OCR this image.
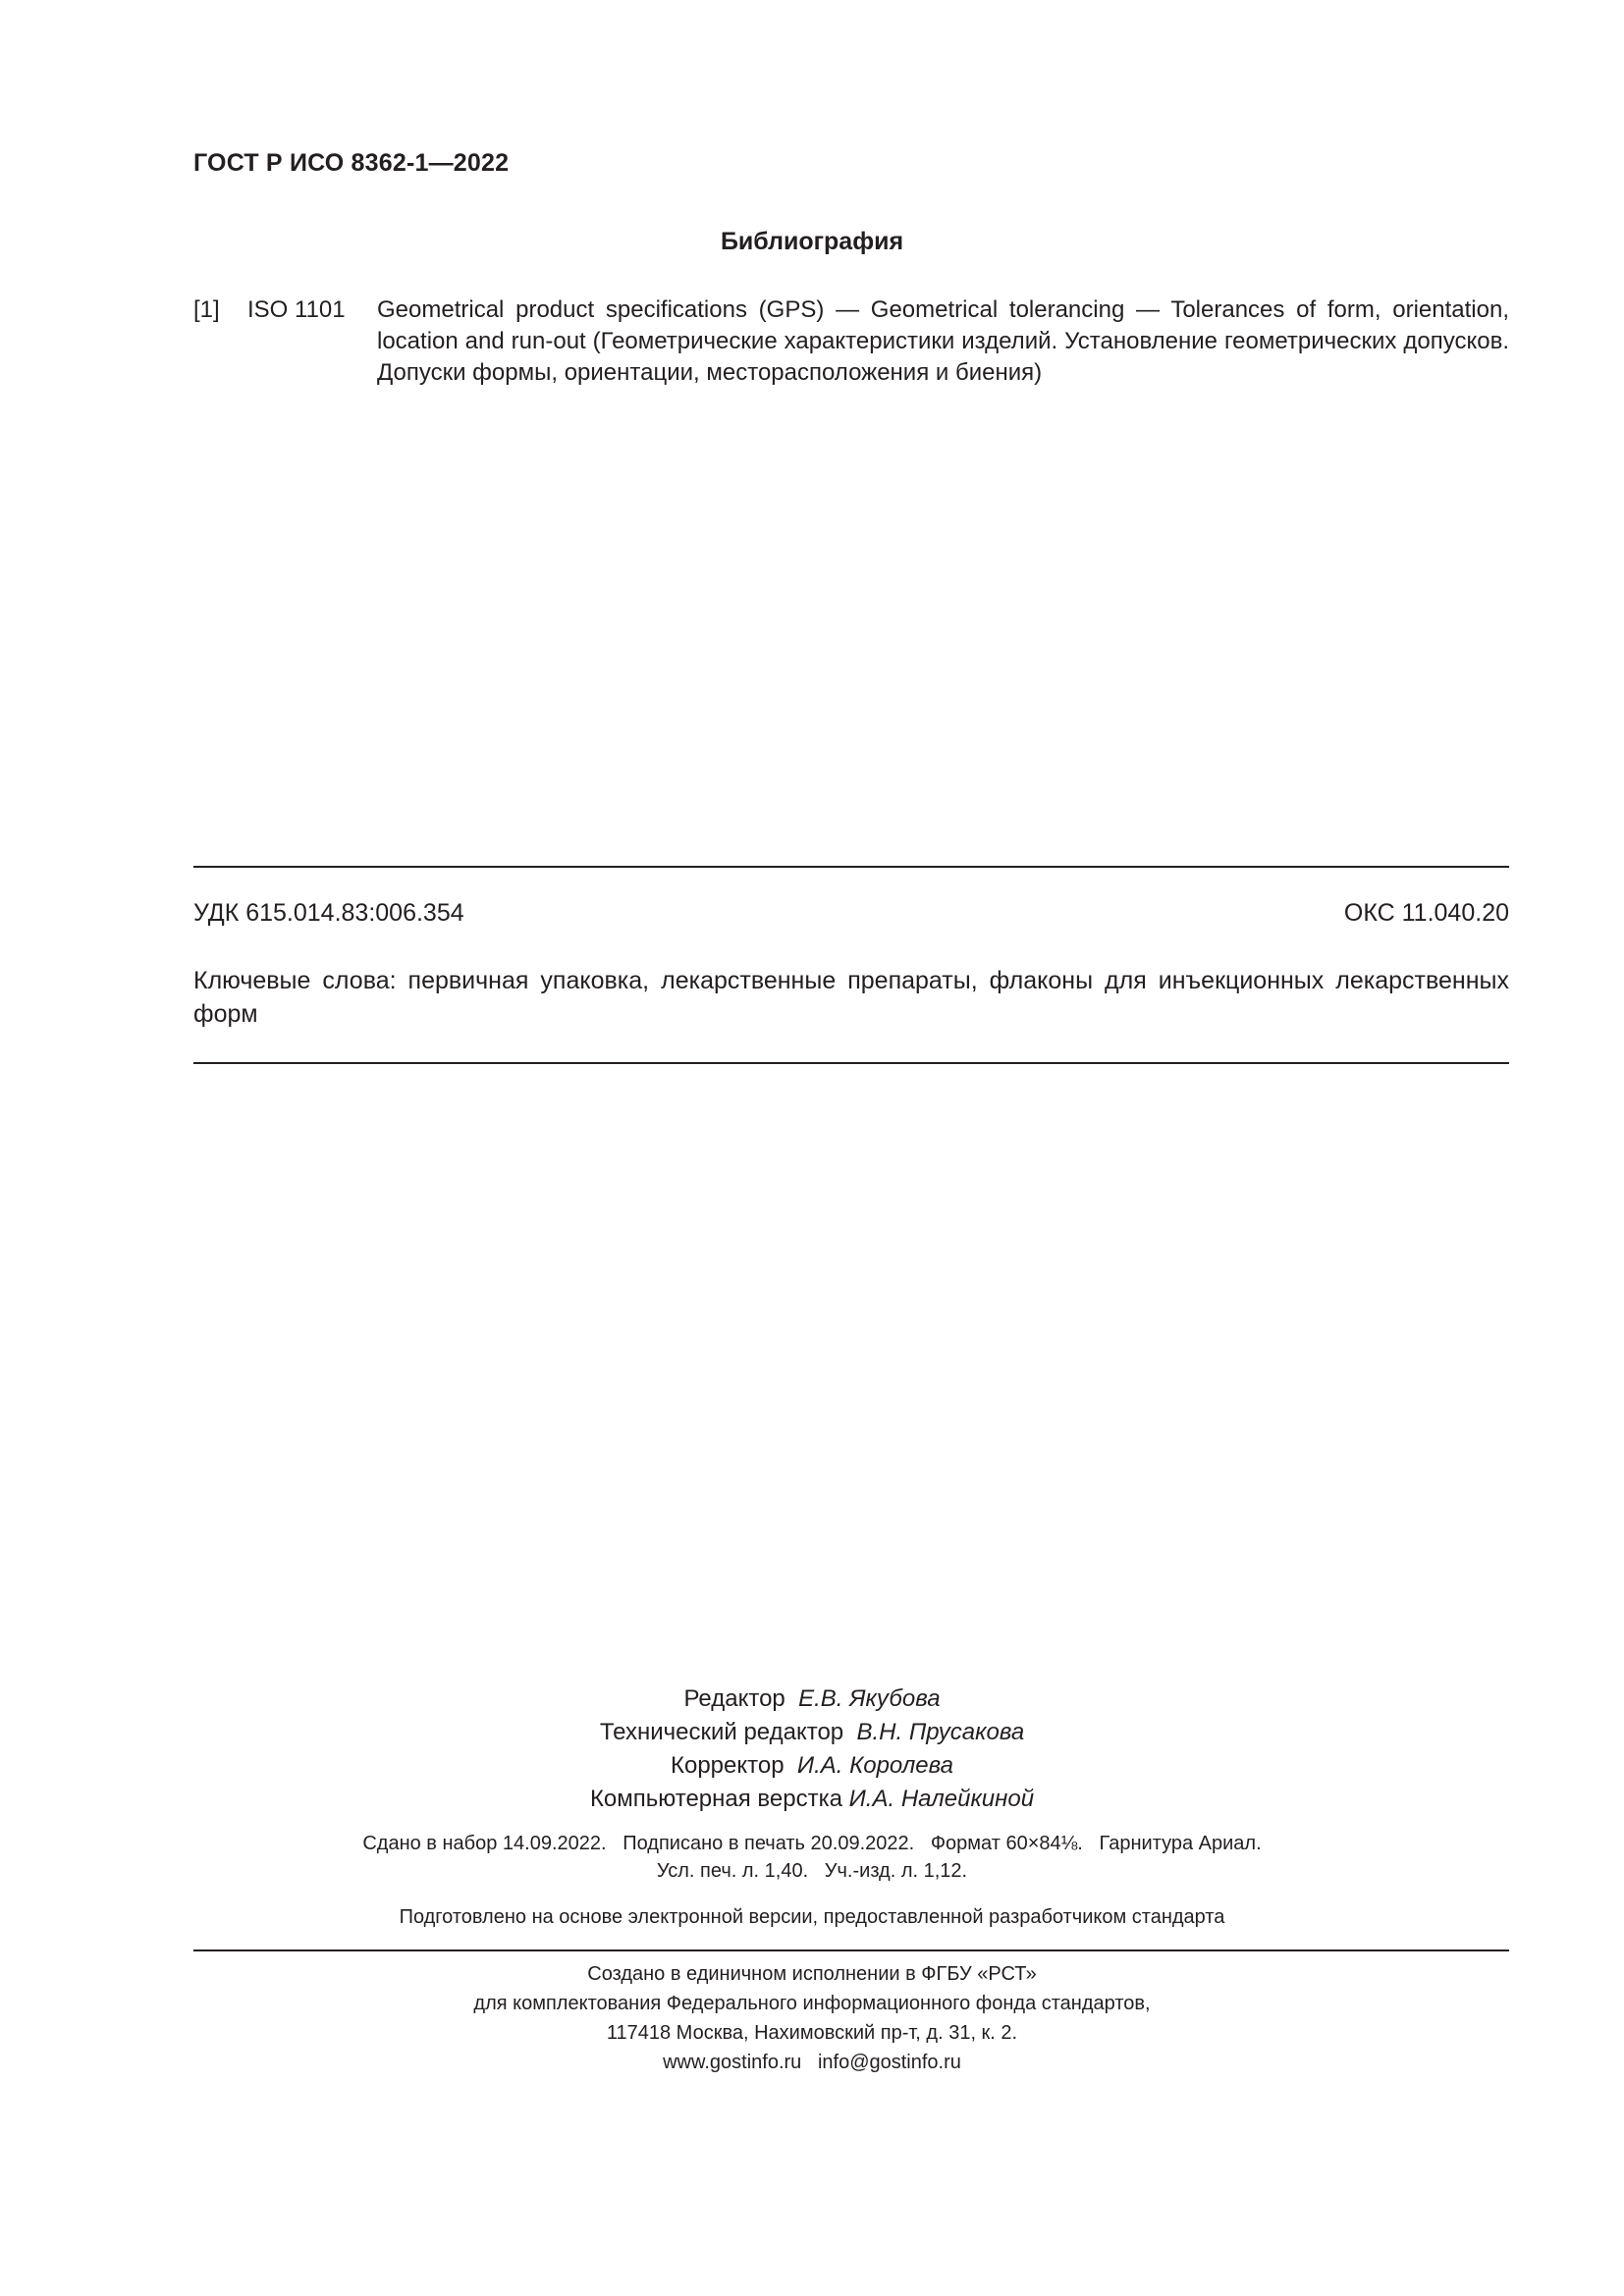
ГОСТ Р ИСО 8362-1—2022
Библиография
[1] ISO 1101 Geometrical product specifications (GPS) — Geometrical tolerancing — Tolerances of form, orientation, location and run-out (Геометрические характеристики изделий. Установление геометрических допусков. Допуски формы, ориентации, месторасположения и биения)
УДК 615.014.83:006.354	ОКС 11.040.20
Ключевые слова: первичная упаковка, лекарственные препараты, флаконы для инъекционных лекарственных форм
Редактор Е.В. Якубова
Технический редактор В.Н. Прусакова
Корректор И.А. Королева
Компьютерная верстка И.А. Налейкиной
Сдано в набор 14.09.2022.   Подписано в печать 20.09.2022.   Формат 60×84⅛.   Гарнитура Ариал.
Усл. печ. л. 1,40.   Уч.-изд. л. 1,12.
Подготовлено на основе электронной версии, предоставленной разработчиком стандарта
Создано в единичном исполнении в ФГБУ «РСТ»
для комплектования Федерального информационного фонда стандартов,
117418 Москва, Нахимовский пр-т, д. 31, к. 2.
www.gostinfo.ru   info@gostinfo.ru
